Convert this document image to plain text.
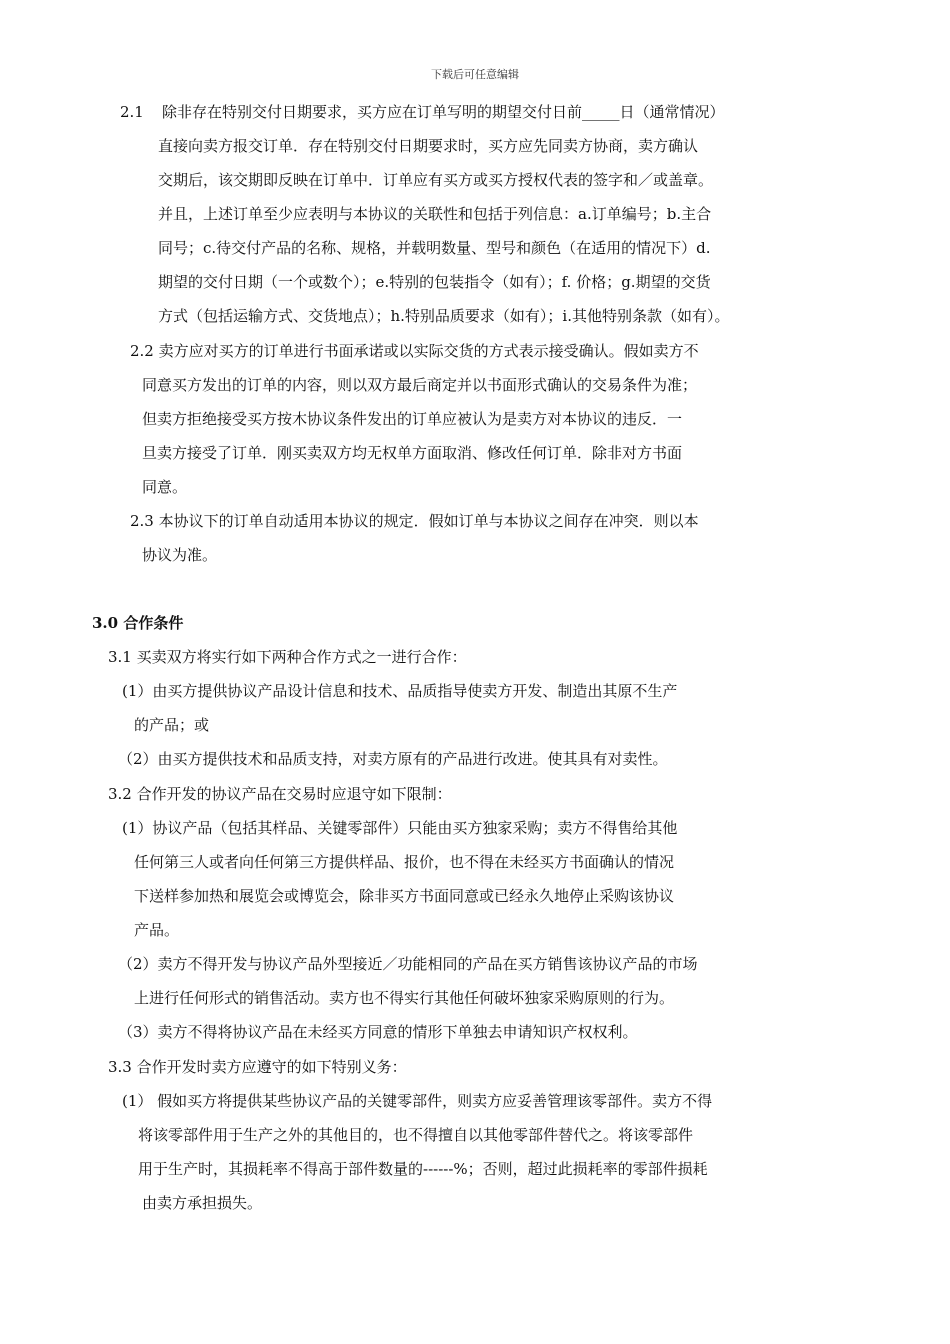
下载后可任意编辑
2.1 除非存在特别交付日期要求，买方应在订单写明的期望交付日前_____日（通常情况）
直接向卖方报交订单．存在特别交付日期要求时，买方应先同卖方协商，卖方确认
交期后，该交期即反映在订单中．订单应有买方或买方授权代表的签字和／或盖章。
并且，上述订单至少应表明与本协议的关联性和包括于列信息：a.订单编号；b.主合
同号；c.待交付产品的名称、规格，并载明数量、型号和颜色（在适用的情况下）d.
期望的交付日期（一个或数个）；e.特别的包装指令（如有）；f. 价格；g.期望的交货
方式（包括运输方式、交货地点）；h.特别品质要求（如有）；i.其他特别条款（如有）。
2.2 卖方应对买方的订单进行书面承诺或以实际交货的方式表示接受确认。假如卖方不
同意买方发出的订单的内容，则以双方最后商定并以书面形式确认的交易条件为准；
但卖方拒绝接受买方按木协议条件发出的订单应被认为是卖方对本协议的违反．一
旦卖方接受了订单．刚买卖双方均无权单方面取消、修改任何订单．除非对方书面
同意。
2.3 本协议下的订单自动适用本协议的规定．假如订单与本协议之间存在冲突．则以本
协议为准。
3.0 合作条件
3.1 买卖双方将实行如下两种合作方式之一进行合作：
(1）由买方提供协议产品设计信息和技术、品质指导使卖方开发、制造出其原不生产
的产品；或
（2）由买方提供技术和品质支持，对卖方原有的产品进行改进。使其具有对卖性。
3.2 合作开发的协议产品在交易时应退守如下限制：
(1）协议产品（包括其样品、关键零部件）只能由买方独家采购；卖方不得售给其他
任何第三人或者向任何第三方提供样品、报价，也不得在未经买方书面确认的情况
下送样参加热和展览会或博览会，除非买方书面同意或已经永久地停止采购该协议
产品。
（2）卖方不得开发与协议产品外型接近／功能相同的产品在买方销售该协议产品的市场
上进行任何形式的销售活动。卖方也不得实行其他任何破坏独家采购原则的行为。
（3）卖方不得将协议产品在未经买方同意的情形下单独去申请知识产权权利。
3.3 合作开发时卖方应遵守的如下特别义务：
(1） 假如买方将提供某些协议产品的关键零部件，则卖方应妥善管理该零部件。卖方不得
将该零部件用于生产之外的其他目的，也不得擅自以其他零部件替代之。将该零部件
用于生产时，其损耗率不得高于部件数量的------%；否则，超过此损耗率的零部件损耗
由卖方承担损失。
